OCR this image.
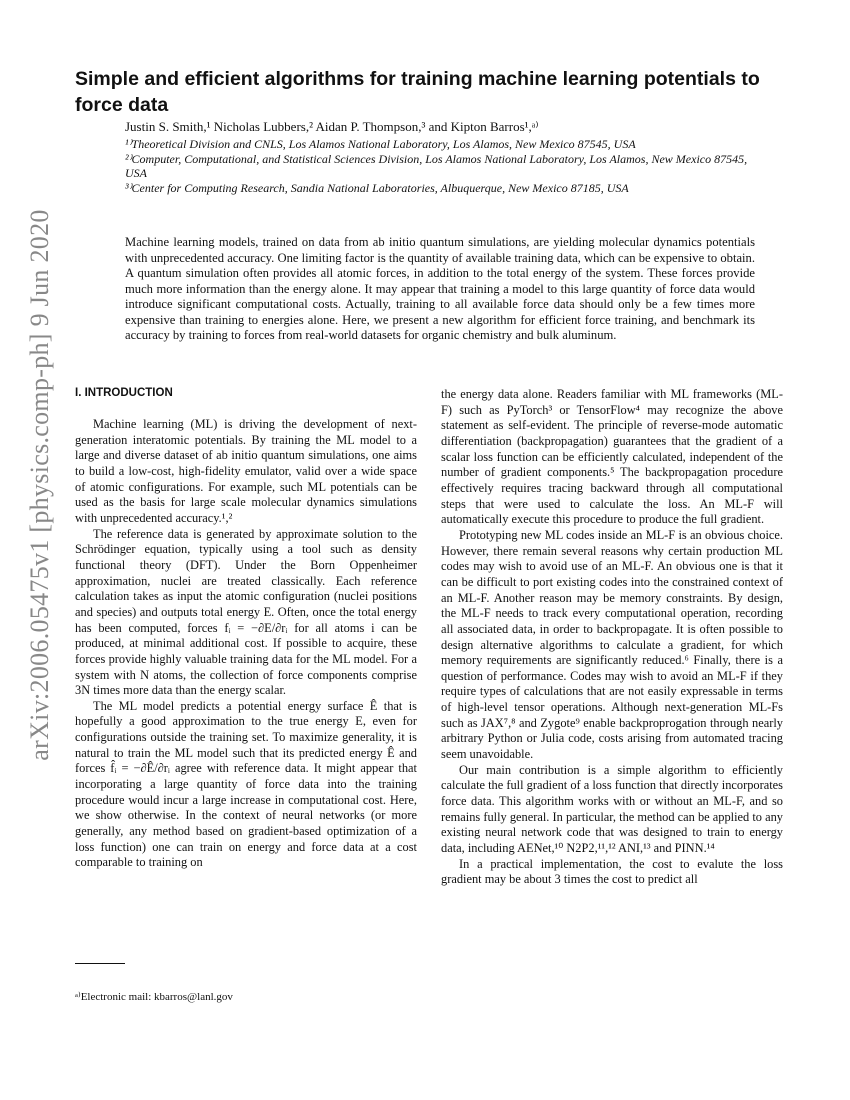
arXiv:2006.05475v1 [physics.comp-ph] 9 Jun 2020
Simple and efficient algorithms for training machine learning potentials to force data
Justin S. Smith,¹ Nicholas Lubbers,² Aidan P. Thompson,³ and Kipton Barros¹,ᵃ⁾

¹⁾Theoretical Division and CNLS, Los Alamos National Laboratory, Los Alamos, New Mexico 87545, USA

²⁾Computer, Computational, and Statistical Sciences Division, Los Alamos National Laboratory, Los Alamos, New Mexico 87545, USA

³⁾Center for Computing Research, Sandia National Laboratories, Albuquerque, New Mexico 87185, USA

Machine learning models, trained on data from ab initio quantum simulations, are yielding molecular dynamics potentials with unprecedented accuracy. One limiting factor is the quantity of available training data, which can be expensive to obtain. A quantum simulation often provides all atomic forces, in addition to the total energy of the system. These forces provide much more information than the energy alone. It may appear that training a model to this large quantity of force data would introduce significant computational costs. Actually, training to all available force data should only be a few times more expensive than training to energies alone. Here, we present a new algorithm for efficient force training, and benchmark its accuracy by training to forces from real-world datasets for organic chemistry and bulk aluminum.

I. INTRODUCTION

Machine learning (ML) is driving the development of next-generation interatomic potentials. By training the ML model to a large and diverse dataset of ab initio quantum simulations, one aims to build a low-cost, high-fidelity emulator, valid over a wide space of atomic configurations. For example, such ML potentials can be used as the basis for large scale molecular dynamics simulations with unprecedented accuracy.¹,²

The reference data is generated by approximate solution to the Schrödinger equation, typically using a tool such as density functional theory (DFT). Under the Born Oppenheimer approximation, nuclei are treated classically. Each reference calculation takes as input the atomic configuration (nuclei positions and species) and outputs total energy E. Often, once the total energy has been computed, forces fᵢ = −∂E/∂rᵢ for all atoms i can be produced, at minimal additional cost. If possible to acquire, these forces provide highly valuable training data for the ML model. For a system with N atoms, the collection of force components comprise 3N times more data than the energy scalar.

The ML model predicts a potential energy surface Ê that is hopefully a good approximation to the true energy E, even for configurations outside the training set. To maximize generality, it is natural to train the ML model such that its predicted energy Ê and forces f̂ᵢ = −∂Ê/∂rᵢ agree with reference data. It might appear that incorporating a large quantity of force data into the training procedure would incur a large increase in computational cost. Here, we show otherwise. In the context of neural networks (or more generally, any method based on gradient-based optimization of a loss function) one can train on energy and force data at a cost comparable to training on

the energy data alone. Readers familiar with ML frameworks (ML-F) such as PyTorch³ or TensorFlow⁴ may recognize the above statement as self-evident. The principle of reverse-mode automatic differentiation (backpropagation) guarantees that the gradient of a scalar loss function can be efficiently calculated, independent of the number of gradient components.⁵ The backpropagation procedure effectively requires tracing backward through all computational steps that were used to calculate the loss. An ML-F will automatically execute this procedure to produce the full gradient.

Prototyping new ML codes inside an ML-F is an obvious choice. However, there remain several reasons why certain production ML codes may wish to avoid use of an ML-F. An obvious one is that it can be difficult to port existing codes into the constrained context of an ML-F. Another reason may be memory constraints. By design, the ML-F needs to track every computational operation, recording all associated data, in order to backpropagate. It is often possible to design alternative algorithms to calculate a gradient, for which memory requirements are significantly reduced.⁶ Finally, there is a question of performance. Codes may wish to avoid an ML-F if they require types of calculations that are not easily expressable in terms of high-level tensor operations. Although next-generation ML-Fs such as JAX⁷,⁸ and Zygote⁹ enable backproprogation through nearly arbitrary Python or Julia code, costs arising from automated tracing seem unavoidable.

Our main contribution is a simple algorithm to efficiently calculate the full gradient of a loss function that directly incorporates force data. This algorithm works with or without an ML-F, and so remains fully general. In particular, the method can be applied to any existing neural network code that was designed to train to energy data, including AENet,¹⁰ N2P2,¹¹,¹² ANI,¹³ and PINN.¹⁴

In a practical implementation, the cost to evalute the loss gradient may be about 3 times the cost to predict all

ᵃ⁾Electronic mail: kbarros@lanl.gov
